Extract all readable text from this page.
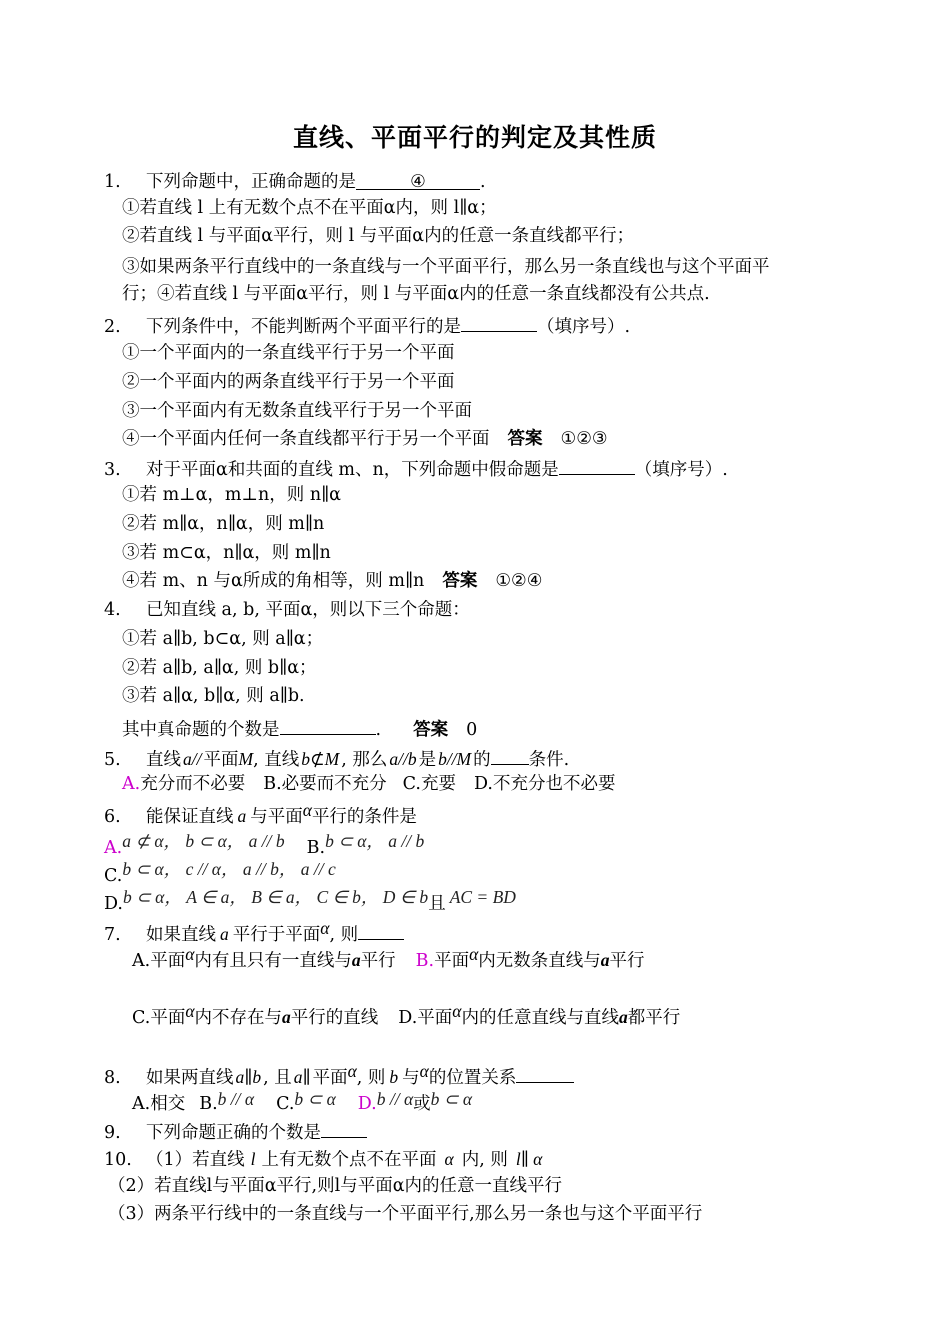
直线、平面平行的判定及其性质
1. 下列命题中，正确命题的是	④	.
①若直线 l 上有无数个点不在平面α内，则 l∥α；
②若直线 l 与平面α平行，则 l 与平面α内的任意一条直线都平行；
③如果两条平行直线中的一条直线与一个平面平行，那么另一条直线也与这个平面平
行；④若直线 l 与平面α平行，则 l 与平面α内的任意一条直线都没有公共点.
2. 下列条件中，不能判断两个平面平行的是	（填序号）.
①一个平面内的一条直线平行于另一个平面
②一个平面内的两条直线平行于另一个平面
③一个平面内有无数条直线平行于另一个平面
④一个平面内任何一条直线都平行于另一个平面 答案 ①②③
3. 对于平面α和共面的直线 m、n，下列命题中假命题是	（填序号）.
①若 m⊥α，m⊥n，则 n∥α
②若 m∥α，n∥α，则 m∥n
③若 m⊂α，n∥α，则 m∥n
④若 m、n 与α所成的角相等，则 m∥n 答案 ①②④
4. 已知直线 a, b, 平面α，则以下三个命题：
①若 a∥b, b⊂α, 则 a∥α；
②若 a∥b, a∥α, 则 b∥α；
③若 a∥α, b∥α, 则 a∥b.
其中真命题的个数是	. 答案 0
5. 直线 a// 平面M, 直线 b⊄M , 那么 a//b 是 b//M 的 条件.
A.充分而不必要 B.必要而不充分 C.充要 D.不充分也不必要
6. 能保证直线 a 与平面α平行的条件是
A.a ⊄ α， b ⊂ α， a // b B.b ⊂ α， a // b
C.b ⊂ α， c // α， a // b， a // c
D.b ⊂ α， A ∈ a， B ∈ a， C ∈ b， D ∈ b且 AC = BD
7. 如果直线 a 平行于平面α, 则
A.平面α内有且只有一直线与a平行 B.平面α内无数条直线与a平行
C.平面α内不存在与a平行的直线 D.平面α内的任意直线与直线a都平行
8. 如果两直线 a∥b , 且 a∥ 平面α, 则 b 与α的位置关系
A.相交 B.b // α C.b ⊂ α D.b // α或b ⊂ α
9. 下列命题正确的个数是
10. （1）若直线 l 上有无数个点不在平面 α 内, 则 l∥ α
（2）若直线l与平面α平行,则l与平面α内的任意一直线平行
（3）两条平行线中的一条直线与一个平面平行,那么另一条也与这个平面平行
